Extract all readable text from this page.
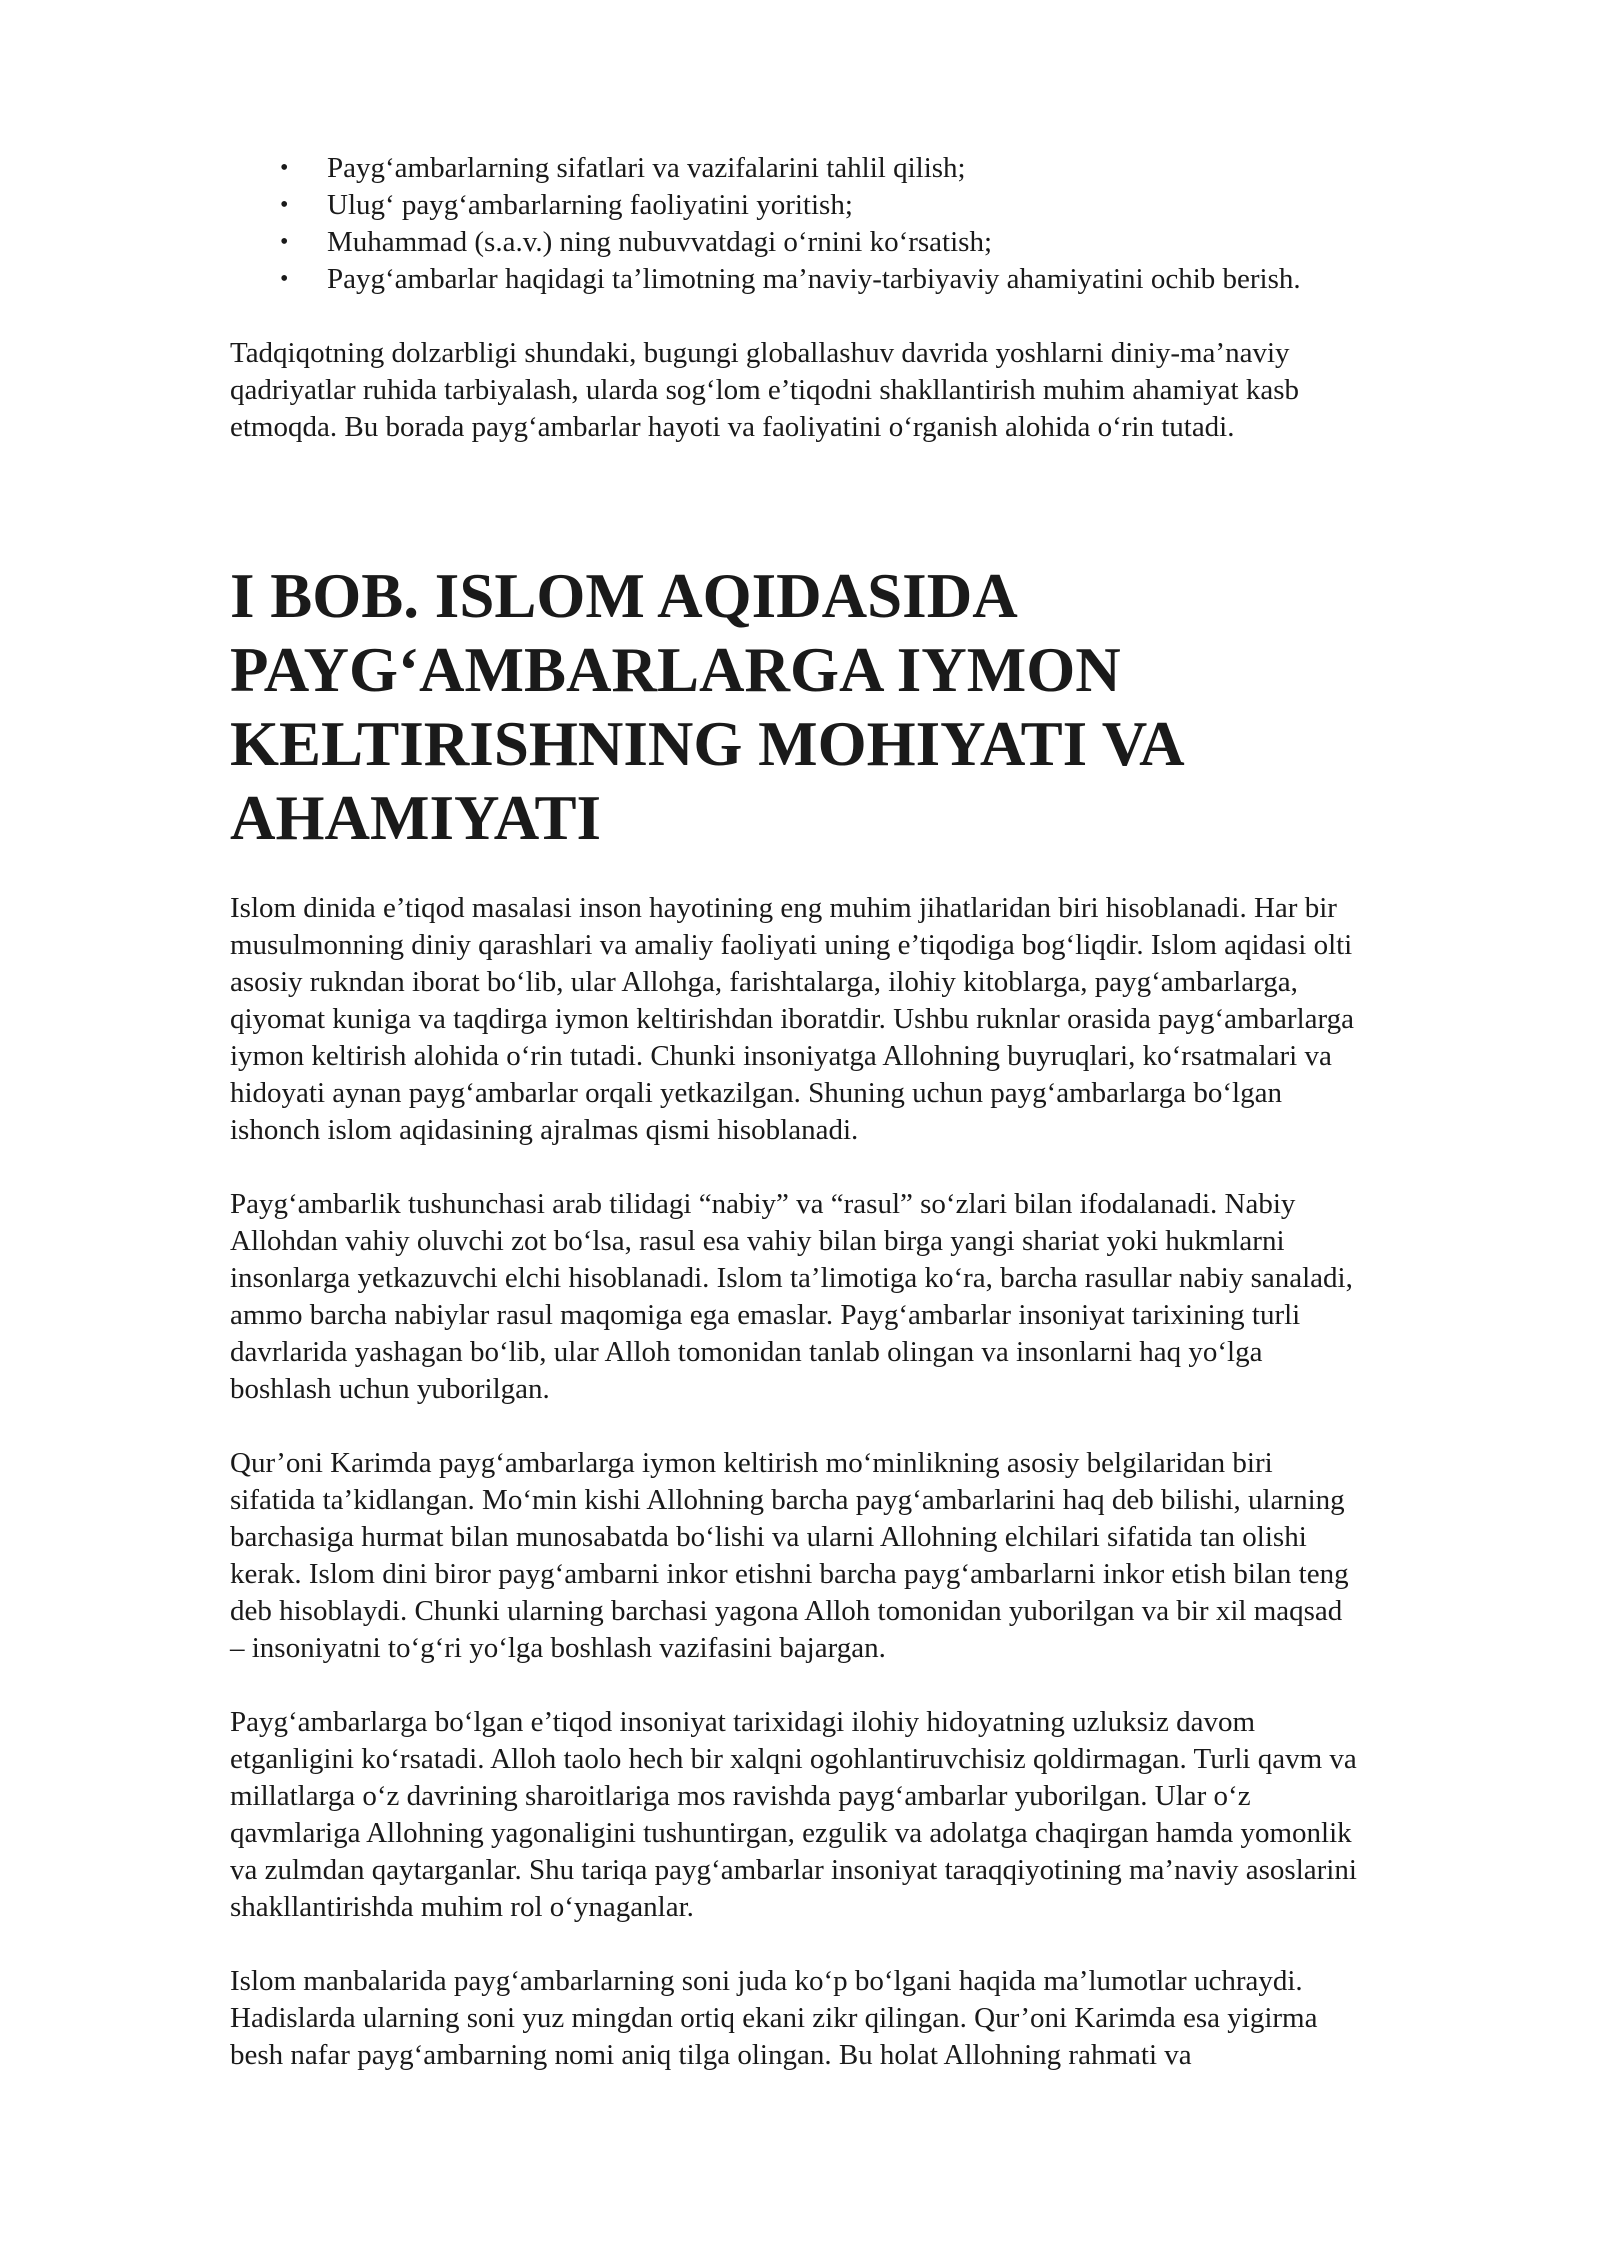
• Payg‘ambarlarning sifatlari va vazifalarini tahlil qilish;
• Ulug‘ payg‘ambarlarning faoliyatini yoritish;
• Muhammad (s.a.v.) ning nubuvvatdagi o‘rnini ko‘rsatish;
• Payg‘ambarlar haqidagi ta’limotning ma’naviy-tarbiyaviy ahamiyatini ochib berish.

Tadqiqotning dolzarbligi shundaki, bugungi globallashuv davrida yoshlarni diniy-ma’naviy
qadriyatlar ruhida tarbiyalash, ularda sog‘lom e’tiqodni shakllantirish muhim ahamiyat kasb
etmoqda. Bu borada payg‘ambarlar hayoti va faoliyatini o‘rganish alohida o‘rin tutadi.

I BOB. ISLOM AQIDASIDA
PAYG‘AMBARLARGA IYMON
KELTIRISHNING MOHIYATI VA
AHAMIYATI

Islom dinida e’tiqod masalasi inson hayotining eng muhim jihatlaridan biri hisoblanadi. Har bir
musulmonning diniy qarashlari va amaliy faoliyati uning e’tiqodiga bog‘liqdir. Islom aqidasi olti
asosiy rukndan iborat bo‘lib, ular Allohga, farishtalarga, ilohiy kitoblarga, payg‘ambarlarga,
qiyomat kuniga va taqdirga iymon keltirishdan iboratdir. Ushbu ruknlar orasida payg‘ambarlarga
iymon keltirish alohida o‘rin tutadi. Chunki insoniyatga Allohning buyruqlari, ko‘rsatmalari va
hidoyati aynan payg‘ambarlar orqali yetkazilgan. Shuning uchun payg‘ambarlarga bo‘lgan
ishonch islom aqidasining ajralmas qismi hisoblanadi.

Payg‘ambarlik tushunchasi arab tilidagi “nabiy” va “rasul” so‘zlari bilan ifodalanadi. Nabiy
Allohdan vahiy oluvchi zot bo‘lsa, rasul esa vahiy bilan birga yangi shariat yoki hukmlarni
insonlarga yetkazuvchi elchi hisoblanadi. Islom ta’limotiga ko‘ra, barcha rasullar nabiy sanaladi,
ammo barcha nabiylar rasul maqomiga ega emaslar. Payg‘ambarlar insoniyat tarixining turli
davrlarida yashagan bo‘lib, ular Alloh tomonidan tanlab olingan va insonlarni haq yo‘lga
boshlash uchun yuborilgan.

Qur’oni Karimda payg‘ambarlarga iymon keltirish mo‘minlikning asosiy belgilaridan biri
sifatida ta’kidlangan. Mo‘min kishi Allohning barcha payg‘ambarlarini haq deb bilishi, ularning
barchasiga hurmat bilan munosabatda bo‘lishi va ularni Allohning elchilari sifatida tan olishi
kerak. Islom dini biror payg‘ambarni inkor etishni barcha payg‘ambarlarni inkor etish bilan teng
deb hisoblaydi. Chunki ularning barchasi yagona Alloh tomonidan yuborilgan va bir xil maqsad
– insoniyatni to‘g‘ri yo‘lga boshlash vazifasini bajargan.

Payg‘ambarlarga bo‘lgan e’tiqod insoniyat tarixidagi ilohiy hidoyatning uzluksiz davom
etganligini ko‘rsatadi. Alloh taolo hech bir xalqni ogohlantiruvchisiz qoldirmagan. Turli qavm va
millatlarga o‘z davrining sharoitlariga mos ravishda payg‘ambarlar yuborilgan. Ular o‘z
qavmlariga Allohning yagonaligini tushuntirgan, ezgulik va adolatga chaqirgan hamda yomonlik
va zulmdan qaytarganlar. Shu tariqa payg‘ambarlar insoniyat taraqqiyotining ma’naviy asoslarini
shakllantirishda muhim rol o‘ynaganlar.

Islom manbalarida payg‘ambarlarning soni juda ko‘p bo‘lgani haqida ma’lumotlar uchraydi.
Hadislarda ularning soni yuz mingdan ortiq ekani zikr qilingan. Qur’oni Karimda esa yigirma
besh nafar payg‘ambarning nomi aniq tilga olingan. Bu holat Allohning rahmati va
